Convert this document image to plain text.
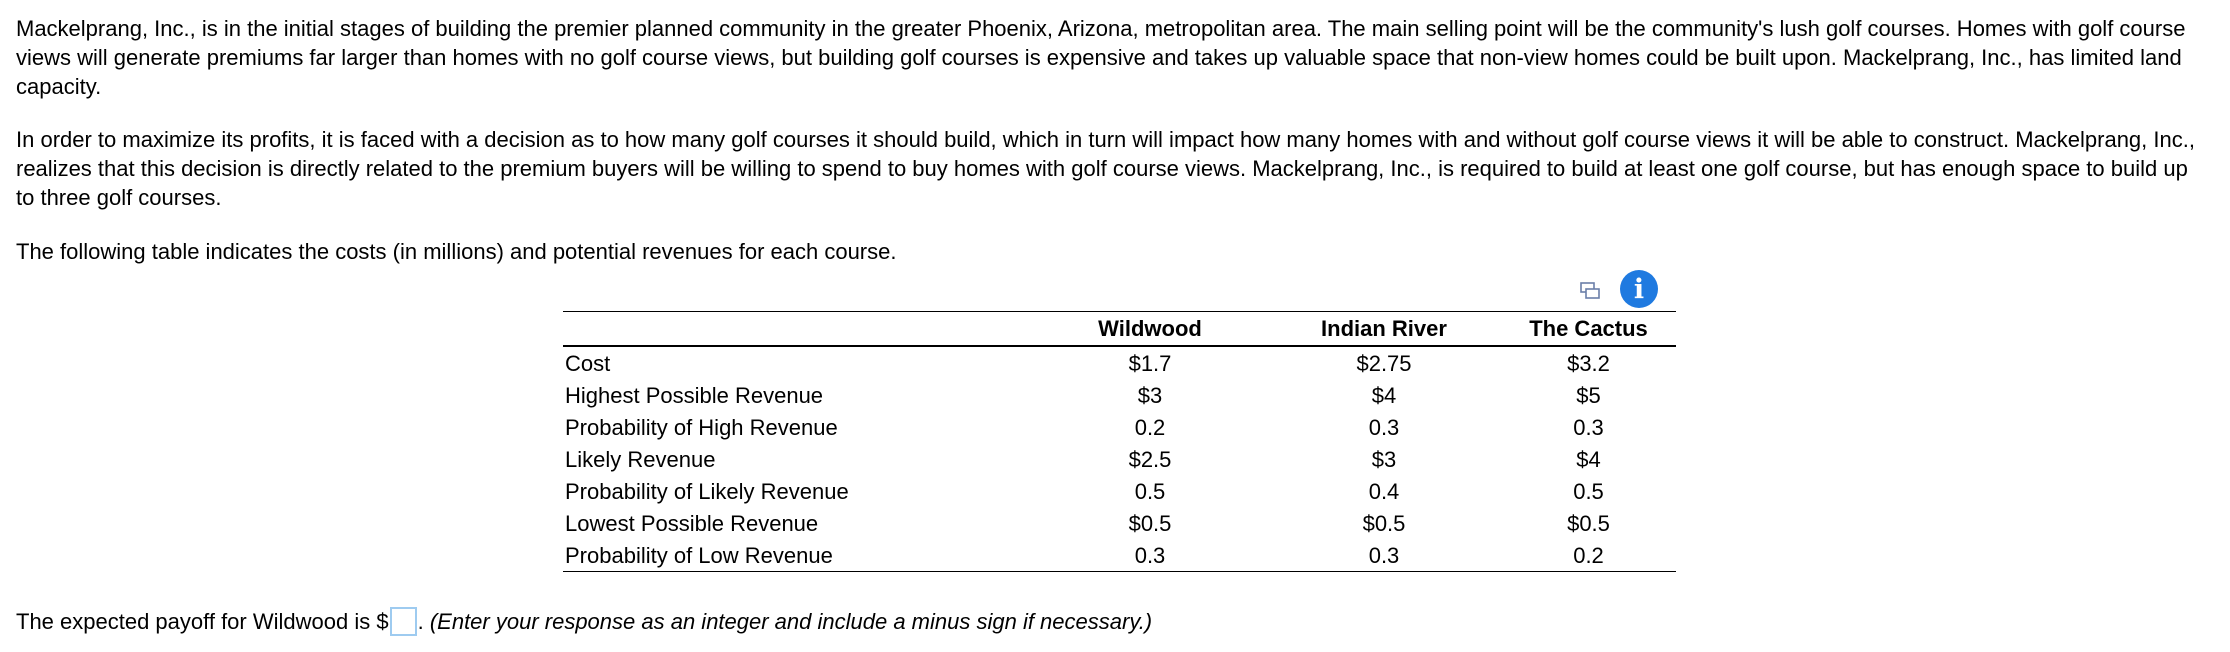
Mackelprang, Inc., is in the initial stages of building the premier planned community in the greater Phoenix, Arizona, metropolitan area. The main selling point will be the community's lush golf courses. Homes with golf course views will generate premiums far larger than homes with no golf course views, but building golf courses is expensive and takes up valuable space that non-view homes could be built upon. Mackelprang, Inc., has limited land capacity.

In order to maximize its profits, it is faced with a decision as to how many golf courses it should build, which in turn will impact how many homes with and without golf course views it will be able to construct. Mackelprang, Inc., realizes that this decision is directly related to the premium buyers will be willing to spend to buy homes with golf course views. Mackelprang, Inc., is required to build at least one golf course, but has enough space to build up to three golf courses.

The following table indicates the costs (in millions) and potential revenues for each course.

i
	Wildwood	Indian River	The Cactus
Cost	$1.7	$2.75	$3.2
Highest Possible Revenue	$3	$4	$5
Probability of High Revenue	0.2	0.3	0.3
Likely Revenue	$2.5	$3	$4
Probability of Likely Revenue	0.5	0.4	0.5
Lowest Possible Revenue	$0.5	$0.5	$0.5
Probability of Low Revenue	0.3	0.3	0.2
The expected payoff for Wildwood is $ . (Enter your response as an integer and include a minus sign if necessary.)
